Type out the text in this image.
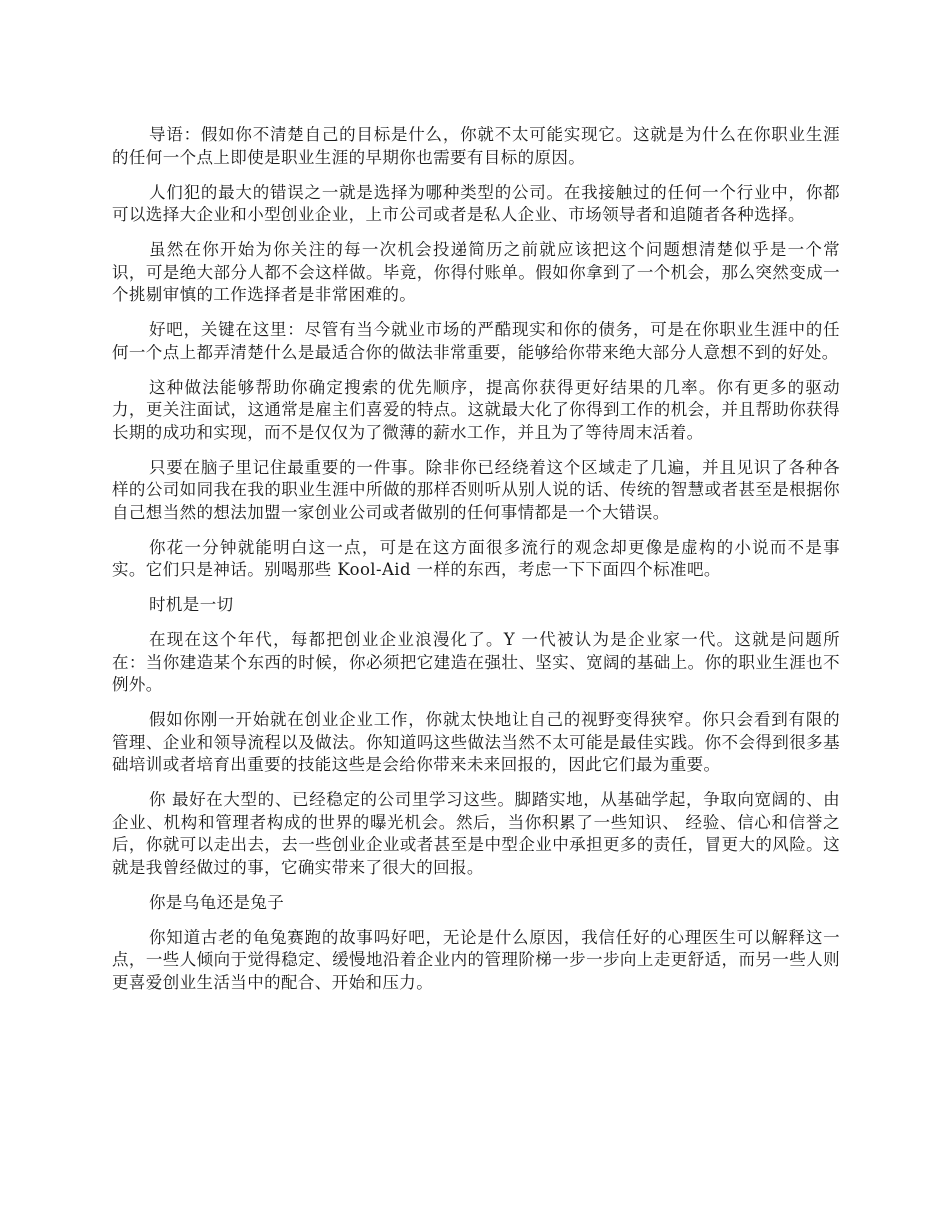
导语：假如你不清楚自己的目标是什么，你就不太可能实现它。这就是为什么在你职业生涯的任何一个点上即使是职业生涯的早期你也需要有目标的原因。

人们犯的最大的错误之一就是选择为哪种类型的公司。在我接触过的任何一个行业中，你都可以选择大企业和小型创业企业，上市公司或者是私人企业、市场领导者和追随者各种选择。

虽然在你开始为你关注的每一次机会投递简历之前就应该把这个问题想清楚似乎是一个常识，可是绝大部分人都不会这样做。毕竟，你得付账单。假如你拿到了一个机会，那么突然变成一个挑剔审慎的工作选择者是非常困难的。

好吧，关键在这里：尽管有当今就业市场的严酷现实和你的债务，可是在你职业生涯中的任何一个点上都弄清楚什么是最适合你的做法非常重要，能够给你带来绝大部分人意想不到的好处。

这种做法能够帮助你确定搜索的优先顺序，提高你获得更好结果的几率。你有更多的驱动力，更关注面试，这通常是雇主们喜爱的特点。这就最大化了你得到工作的机会，并且帮助你获得长期的成功和实现，而不是仅仅为了微薄的薪水工作，并且为了等待周末活着。

只要在脑子里记住最重要的一件事。除非你已经绕着这个区域走了几遍，并且见识了各种各样的公司如同我在我的职业生涯中所做的那样否则听从别人说的话、传统的智慧或者甚至是根据你自己想当然的想法加盟一家创业公司或者做别的任何事情都是一个大错误。

你花一分钟就能明白这一点，可是在这方面很多流行的观念却更像是虚构的小说而不是事实。它们只是神话。别喝那些 Kool-Aid 一样的东西，考虑一下下面四个标准吧。

时机是一切

在现在这个年代，每都把创业企业浪漫化了。Y 一代被认为是企业家一代。这就是问题所在：当你建造某个东西的时候，你必须把它建造在强壮、坚实、宽阔的基础上。你的职业生涯也不例外。

假如你刚一开始就在创业企业工作，你就太快地让自己的视野变得狭窄。你只会看到有限的管理、企业和领导流程以及做法。你知道吗这些做法当然不太可能是最佳实践。你不会得到很多基础培训或者培育出重要的技能这些是会给你带来未来回报的，因此它们最为重要。

你 最好在大型的、已经稳定的公司里学习这些。脚踏实地，从基础学起，争取向宽阔的、由企业、机构和管理者构成的世界的曝光机会。然后，当你积累了一些知识、 经验、信心和信誉之后，你就可以走出去，去一些创业企业或者甚至是中型企业中承担更多的责任，冒更大的风险。这就是我曾经做过的事，它确实带来了很大的回报。

你是乌龟还是兔子

你知道古老的龟兔赛跑的故事吗好吧，无论是什么原因，我信任好的心理医生可以解释这一点，一些人倾向于觉得稳定、缓慢地沿着企业内的管理阶梯一步一步向上走更舒适，而另一些人则更喜爱创业生活当中的配合、开始和压力。
